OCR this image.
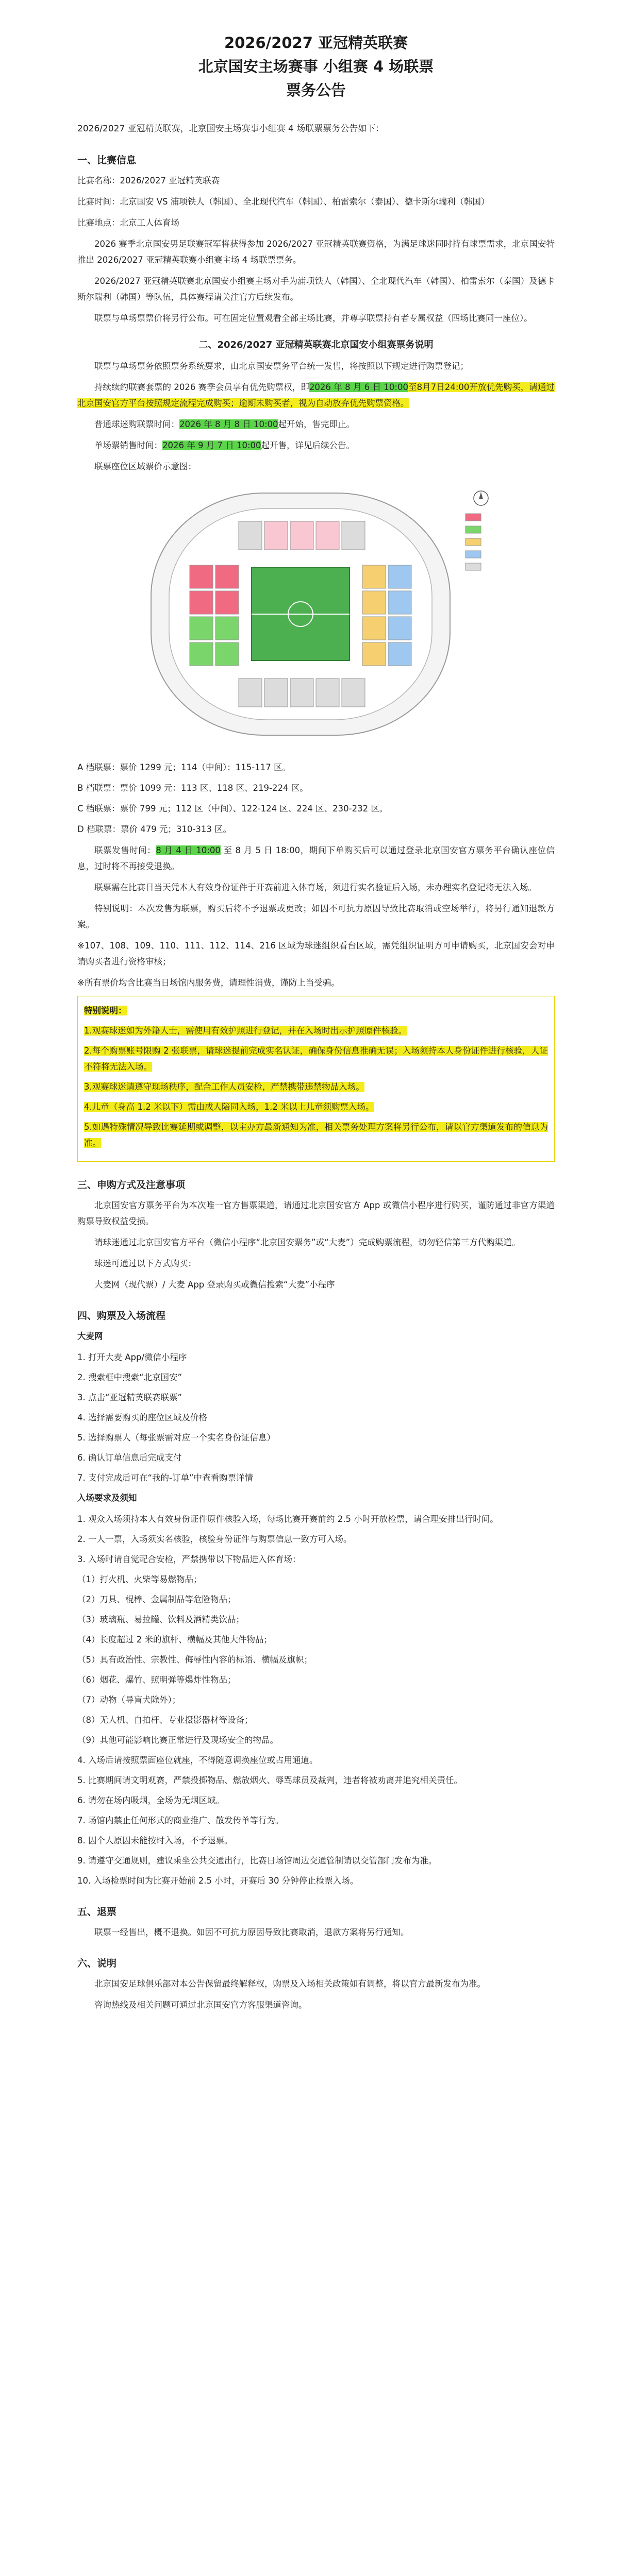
2026/2027 亚冠精英联赛
北京国安主场赛事 小组赛 4 场联票
票务公告
2026/2027 亚冠精英联赛，北京国安主场赛事小组赛 4 场联票票务公告如下：
一、比赛信息
比赛名称：2026/2027 亚冠精英联赛
比赛时间：北京国安 VS 浦项铁人（韩国）、全北现代汽车（韩国）、柏雷索尔（泰国）、德卡斯尔瑞利（韩国）
比赛地点：北京工人体育场
2026 赛季北京国安男足联赛冠军将获得参加 2026/2027 亚冠精英联赛资格，为满足球迷同时持有球票需求，北京国安特推出 2026/2027 亚冠精英联赛小组赛主场 4 场联票票务。
2026/2027 亚冠精英联赛北京国安小组赛主场对手为浦项铁人（韩国）、全北现代汽车（韩国）、柏雷索尔（泰国）及德卡斯尔瑞利（韩国）等队伍，具体赛程请关注官方后续发布。
联票与单场票票价将另行公布。可在固定位置观看全部主场比赛，并尊享联票持有者专属权益（四场比赛同一座位）。
二、2026/2027 亚冠精英联赛北京国安小组赛票务说明
联票与单场票务依照票务系统要求，由北京国安票务平台统一发售，将按照以下规定进行购票登记；
持续续约联赛套票的 2026 赛季会员享有优先购票权，即2026 年 8 月 6 日 10:00至8月7日24:00开放优先购买，请通过北京国安官方平台按照规定流程完成购买；逾期未购买者，视为自动放弃优先购票资格。
普通球迷购联票时间：2026 年 8 月 8 日 10:00起开始，售完即止。
单场票销售时间：2026 年 9 月 7 日 10:00起开售，详见后续公告。
联票座位区域票价示意图：
A 档联票：票价 1299 元；114（中间）：115-117 区。
B 档联票：票价 1099 元：113 区、118 区、219-224 区。
C 档联票：票价 799 元；112 区（中间）、122-124 区、224 区、230-232 区。
D 档联票：票价 479 元；310-313 区。
联票发售时间：8 月 4 日 10:00 至 8 月 5 日 18:00，期间下单购买后可以通过登录北京国安官方票务平台确认座位信息，过时将不再接受退换。
联票需在比赛日当天凭本人有效身份证件于开赛前进入体育场，须进行实名验证后入场，未办理实名登记将无法入场。
特别说明：本次发售为联票，购买后将不予退票或更改；如因不可抗力原因导致比赛取消或空场举行，将另行通知退款方案。
※107、108、109、110、111、112、114、216 区域为球迷组织看台区域，需凭组织证明方可申请购买，北京国安会对申请购买者进行资格审核；
※所有票价均含比赛当日场馆内服务费，请理性消费，谨防上当受骗。
特别说明：
1.观赛球迷如为外籍人士，需使用有效护照进行登记，并在入场时出示护照原件核验。
2.每个购票账号限购 2 张联票，请球迷提前完成实名认证，确保身份信息准确无误；入场须持本人身份证件进行核验，人证不符将无法入场。
3.观赛球迷请遵守现场秩序，配合工作人员安检，严禁携带违禁物品入场。
4.儿童（身高 1.2 米以下）需由成人陪同入场，1.2 米以上儿童须购票入场。
5.如遇特殊情况导致比赛延期或调整，以主办方最新通知为准，相关票务处理方案将另行公布，请以官方渠道发布的信息为准。
三、申购方式及注意事项
北京国安官方票务平台为本次唯一官方售票渠道，请通过北京国安官方 App 或微信小程序进行购买，谨防通过非官方渠道购票导致权益受损。
请球迷通过北京国安官方平台（微信小程序“北京国安票务”或“大麦”）完成购票流程，切勿轻信第三方代购渠道。
球迷可通过以下方式购买：
大麦网（现代票）/ 大麦 App 登录购买或微信搜索“大麦”小程序
四、购票及入场流程
大麦网
1. 打开大麦 App/微信小程序
2. 搜索框中搜索“北京国安”
3. 点击“亚冠精英联赛联票”
4. 选择需要购买的座位区域及价格
5. 选择购票人（每张票需对应一个实名身份证信息）
6. 确认订单信息后完成支付
7. 支付完成后可在“我的-订单”中查看购票详情
入场要求及须知
1. 观众入场须持本人有效身份证件原件核验入场，每场比赛开赛前约 2.5 小时开放检票，请合理安排出行时间。
2. 一人一票，入场须实名核验，核验身份证件与购票信息一致方可入场。
3. 入场时请自觉配合安检，严禁携带以下物品进入体育场：
（1）打火机、火柴等易燃物品；
（2）刀具、棍棒、金属制品等危险物品；
（3）玻璃瓶、易拉罐、饮料及酒精类饮品；
（4）长度超过 2 米的旗杆、横幅及其他大件物品；
（5）具有政治性、宗教性、侮辱性内容的标语、横幅及旗帜；
（6）烟花、爆竹、照明弹等爆炸性物品；
（7）动物（导盲犬除外）；
（8）无人机、自拍杆、专业摄影器材等设备；
（9）其他可能影响比赛正常进行及现场安全的物品。
4. 入场后请按照票面座位就座，不得随意调换座位或占用通道。
5. 比赛期间请文明观赛，严禁投掷物品、燃放烟火、辱骂球员及裁判，违者将被劝离并追究相关责任。
6. 请勿在场内吸烟，全场为无烟区域。
7. 场馆内禁止任何形式的商业推广、散发传单等行为。
8. 因个人原因未能按时入场，不予退票。
9. 请遵守交通规则，建议乘坐公共交通出行，比赛日场馆周边交通管制请以交管部门发布为准。
10. 入场检票时间为比赛开始前 2.5 小时，开赛后 30 分钟停止检票入场。
五、退票
联票一经售出，概不退换。如因不可抗力原因导致比赛取消，退款方案将另行通知。
六、说明
北京国安足球俱乐部对本公告保留最终解释权，购票及入场相关政策如有调整，将以官方最新发布为准。
咨询热线及相关问题可通过北京国安官方客服渠道咨询。
